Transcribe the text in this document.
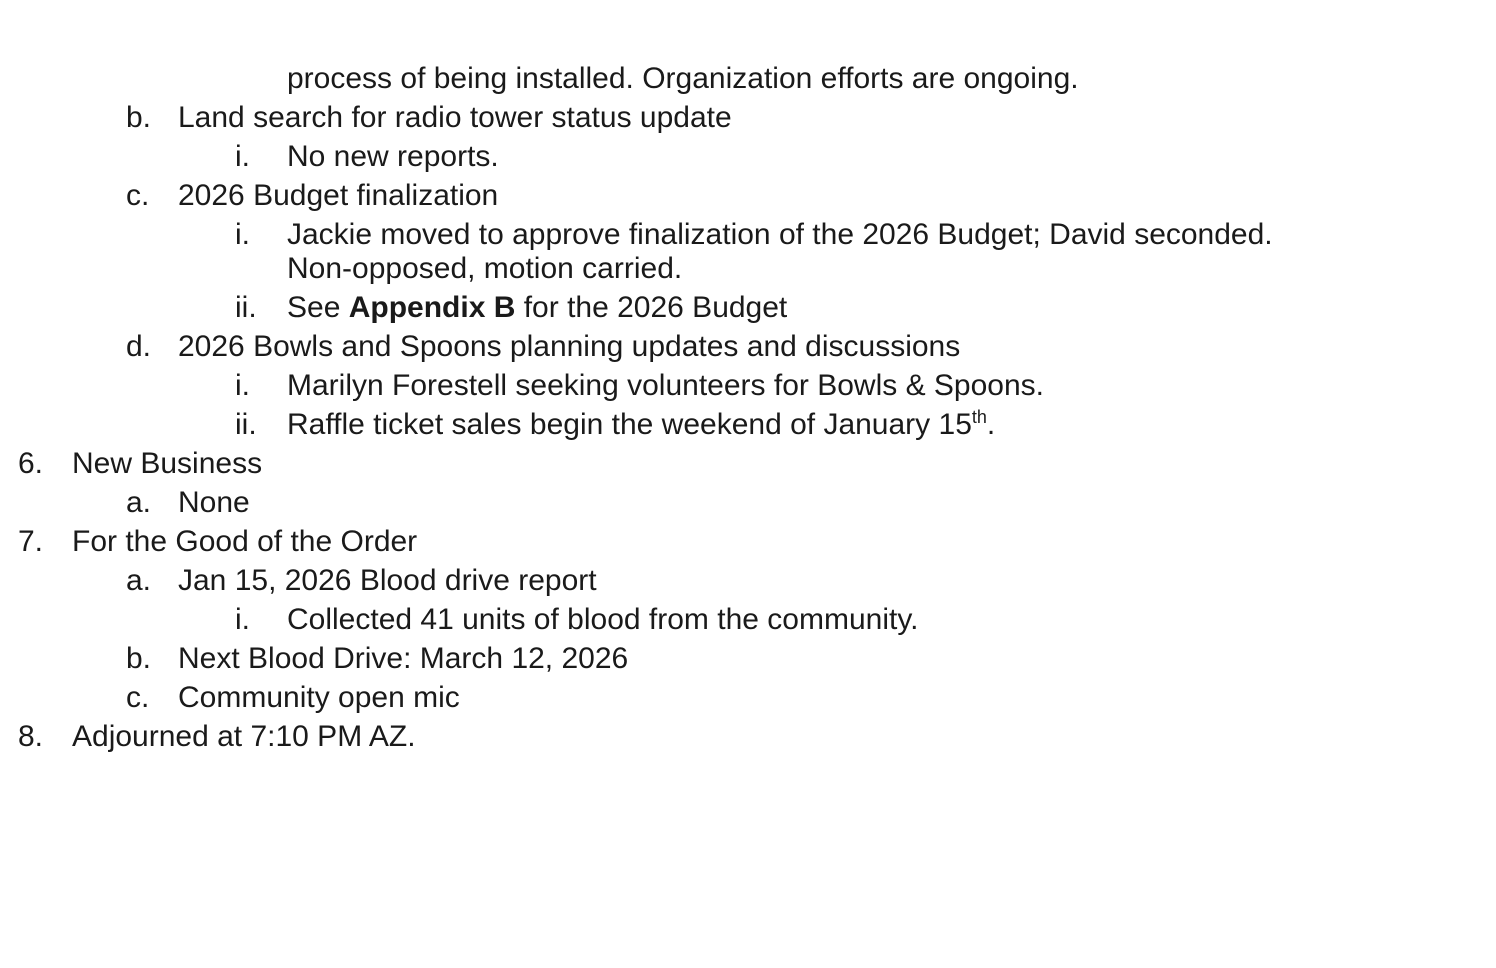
process of being installed. Organization efforts are ongoing.
b. Land search for radio tower status update
i. No new reports.
c. 2026 Budget finalization
i. Jackie moved to approve finalization of the 2026 Budget; David seconded. Non-opposed, motion carried.
ii. See Appendix B for the 2026 Budget
d. 2026 Bowls and Spoons planning updates and discussions
i. Marilyn Forestell seeking volunteers for Bowls & Spoons.
ii. Raffle ticket sales begin the weekend of January 15th.
6. New Business
a. None
7. For the Good of the Order
a. Jan 15, 2026 Blood drive report
i. Collected 41 units of blood from the community.
b. Next Blood Drive: March 12, 2026
c. Community open mic
8. Adjourned at 7:10 PM AZ.
